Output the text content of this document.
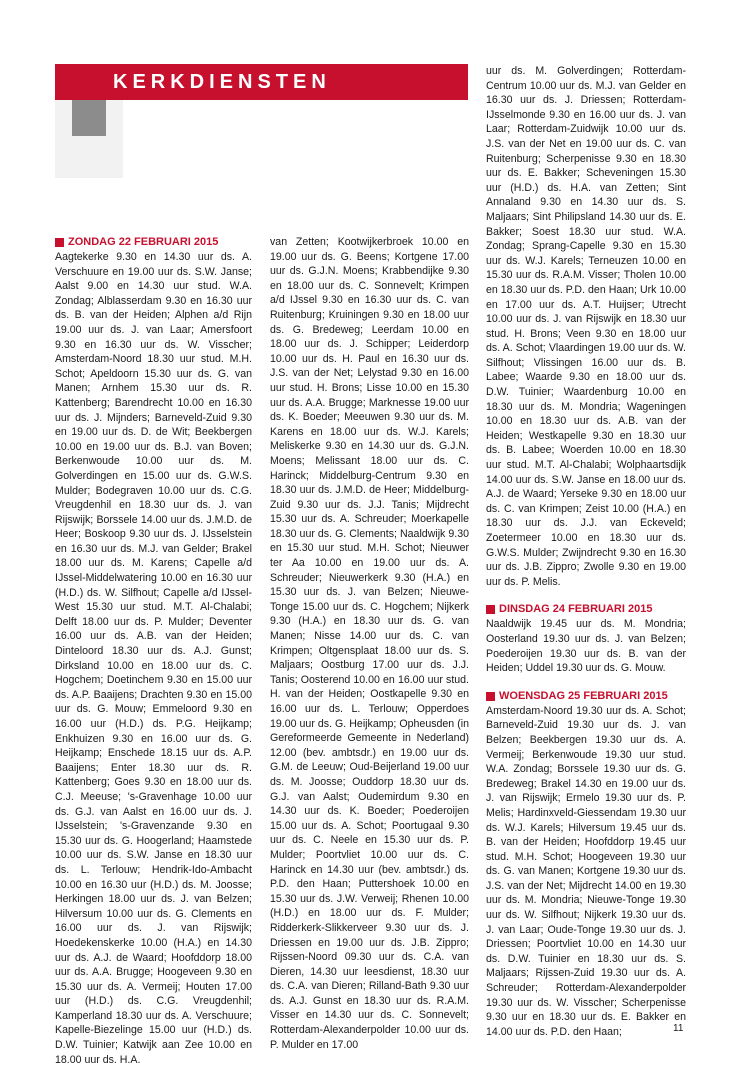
KERKDIENSTEN
ZONDAG 22 FEBRUARI 2015

Aagtekerke 9.30 en 14.30 uur ds. A. Verschuure en 19.00 uur ds. S.W. Janse; Aalst 9.00 en 14.30 uur stud. W.A. Zondag; Alblasserdam 9.30 en 16.30 uur ds. B. van der Heiden; Alphen a/d Rijn 19.00 uur ds. J. van Laar; Amersfoort 9.30 en 16.30 uur ds. W. Visscher; Amsterdam-Noord 18.30 uur stud. M.H. Schot; Apeldoorn 15.30 uur ds. G. van Manen; Arnhem 15.30 uur ds. R. Kattenberg; Barendrecht 10.00 en 16.30 uur ds. J. Mijnders; Barneveld-Zuid 9.30 en 19.00 uur ds. D. de Wit; Beekbergen 10.00 en 19.00 uur ds. B.J. van Boven; Berkenwoude 10.00 uur ds. M. Golverdingen en 15.00 uur ds. G.W.S. Mulder; Bodegraven 10.00 uur ds. C.G. Vreugdenhil en 18.30 uur ds. J. van Rijswijk; Borssele 14.00 uur ds. J.M.D. de Heer; Boskoop 9.30 uur ds. J. IJsselstein en 16.30 uur ds. M.J. van Gelder; Brakel 18.00 uur ds. M. Karens; Capelle a/d IJssel-Middelwatering 10.00 en 16.30 uur (H.D.) ds. W. Silfhout; Capelle a/d IJssel-West 15.30 uur stud. M.T. Al-Chalabi; Delft 18.00 uur ds. P. Mulder; Deventer 16.00 uur ds. A.B. van der Heiden; Dinteloord 18.30 uur ds. A.J. Gunst; Dirksland 10.00 en 18.00 uur ds. C. Hogchem; Doetinchem 9.30 en 15.00 uur ds. A.P. Baaijens; Drachten 9.30 en 15.00 uur ds. G. Mouw; Emmeloord 9.30 en 16.00 uur (H.D.) ds. P.G. Heijkamp; Enkhuizen 9.30 en 16.00 uur ds. G. Heijkamp; Enschede 18.15 uur ds. A.P. Baaijens; Enter 18.30 uur ds. R. Kattenberg; Goes 9.30 en 18.00 uur ds. C.J. Meeuse; 's-Gravenhage 10.00 uur ds. G.J. van Aalst en 16.00 uur ds. J. IJsselstein; 's-Gravenzande 9.30 en 15.30 uur ds. G. Hoogerland; Haamstede 10.00 uur ds. S.W. Janse en 18.30 uur ds. L. Terlouw; Hendrik-Ido-Ambacht 10.00 en 16.30 uur (H.D.) ds. M. Joosse; Herkingen 18.00 uur ds. J. van Belzen; Hilversum 10.00 uur ds. G. Clements en 16.00 uur ds. J. van Rijswijk; Hoedekenskerke 10.00 (H.A.) en 14.30 uur ds. A.J. de Waard; Hoofddorp 18.00 uur ds. A.A. Brugge; Hoogeveen 9.30 en 15.30 uur ds. A. Vermeij; Houten 17.00 uur (H.D.) ds. C.G. Vreugdenhil; Kamperland 18.30 uur ds. A. Verschuure; Kapelle-Biezelinge 15.00 uur (H.D.) ds. D.W. Tuinier; Katwijk aan Zee 10.00 en 18.00 uur ds. H.A.

van Zetten; Kootwijkerbroek 10.00 en 19.00 uur ds. G. Beens; Kortgene 17.00 uur ds. G.J.N. Moens; Krabbendijke 9.30 en 18.00 uur ds. C. Sonnevelt; Krimpen a/d IJssel 9.30 en 16.30 uur ds. C. van Ruitenburg; Kruiningen 9.30 en 18.00 uur ds. G. Bredeweg; Leerdam 10.00 en 18.00 uur ds. J. Schipper; Leiderdorp 10.00 uur ds. H. Paul en 16.30 uur ds. J.S. van der Net; Lelystad 9.30 en 16.00 uur stud. H. Brons; Lisse 10.00 en 15.30 uur ds. A.A. Brugge; Marknesse 19.00 uur ds. K. Boeder; Meeuwen 9.30 uur ds. M. Karens en 18.00 uur ds. W.J. Karels; Meliskerke 9.30 en 14.30 uur ds. G.J.N. Moens; Melissant 18.00 uur ds. C. Harinck; Middelburg-Centrum 9.30 en 18.30 uur ds. J.M.D. de Heer; Middelburg-Zuid 9.30 uur ds. J.J. Tanis; Mijdrecht 15.30 uur ds. A. Schreuder; Moerkapelle 18.30 uur ds. G. Clements; Naaldwijk 9.30 en 15.30 uur stud. M.H. Schot; Nieuwer ter Aa 10.00 en 19.00 uur ds. A. Schreuder; Nieuwerkerk 9.30 (H.A.) en 15.30 uur ds. J. van Belzen; Nieuwe-Tonge 15.00 uur ds. C. Hogchem; Nijkerk 9.30 (H.A.) en 18.30 uur ds. G. van Manen; Nisse 14.00 uur ds. C. van Krimpen; Oltgensplaat 18.00 uur ds. S. Maljaars; Oostburg 17.00 uur ds. J.J. Tanis; Oosterend 10.00 en 16.00 uur stud. H. van der Heiden; Oostkapelle 9.30 en 16.00 uur ds. L. Terlouw; Opperdoes 19.00 uur ds. G. Heijkamp; Opheusden (in Gereformeerde Gemeente in Nederland) 12.00 (bev. ambtsdr.) en 19.00 uur ds. G.M. de Leeuw; Oud-Beijerland 19.00 uur ds. M. Joosse; Ouddorp 18.30 uur ds. G.J. van Aalst; Oudemirdum 9.30 en 14.30 uur ds. K. Boeder; Poederoijen 15.00 uur ds. A. Schot; Poortugaal 9.30 uur ds. C. Neele en 15.30 uur ds. P. Mulder; Poortvliet 10.00 uur ds. C. Harinck en 14.30 uur (bev. ambtsdr.) ds. P.D. den Haan; Puttershoek 10.00 en 15.30 uur ds. J.W. Verweij; Rhenen 10.00 (H.D.) en 18.00 uur ds. F. Mulder; Ridderkerk-Slikkerveer 9.30 uur ds. J. Driessen en 19.00 uur ds. J.B. Zippro; Rijssen-Noord 09.30 uur ds. C.A. van Dieren, 14.30 uur leesdienst, 18.30 uur ds. C.A. van Dieren; Rilland-Bath 9.30 uur ds. A.J. Gunst en 18.30 uur ds. R.A.M. Visser en 14.30 uur ds. C. Sonnevelt; Rotterdam-Alexanderpolder 10.00 uur ds. P. Mulder en 17.00

uur ds. M. Golverdingen; Rotterdam-Centrum 10.00 uur ds. M.J. van Gelder en 16.30 uur ds. J. Driessen; Rotterdam-IJsselmonde 9.30 en 16.00 uur ds. J. van Laar; Rotterdam-Zuidwijk 10.00 uur ds. J.S. van der Net en 19.00 uur ds. C. van Ruitenburg; Scherpenisse 9.30 en 18.30 uur ds. E. Bakker; Scheveningen 15.30 uur (H.D.) ds. H.A. van Zetten; Sint Annaland 9.30 en 14.30 uur ds. S. Maljaars; Sint Philipsland 14.30 uur ds. E. Bakker; Soest 18.30 uur stud. W.A. Zondag; Sprang-Capelle 9.30 en 15.30 uur ds. W.J. Karels; Terneuzen 10.00 en 15.30 uur ds. R.A.M. Visser; Tholen 10.00 en 18.30 uur ds. P.D. den Haan; Urk 10.00 en 17.00 uur ds. A.T. Huijser; Utrecht 10.00 uur ds. J. van Rijswijk en 18.30 uur stud. H. Brons; Veen 9.30 en 18.00 uur ds. A. Schot; Vlaardingen 19.00 uur ds. W. Silfhout; Vlissingen 16.00 uur ds. B. Labee; Waarde 9.30 en 18.00 uur ds. D.W. Tuinier; Waardenburg 10.00 en 18.30 uur ds. M. Mondria; Wageningen 10.00 en 18.30 uur ds. A.B. van der Heiden; Westkapelle 9.30 en 18.30 uur ds. B. Labee; Woerden 10.00 en 18.30 uur stud. M.T. Al-Chalabi; Wolphaartsdijk 14.00 uur ds. S.W. Janse en 18.00 uur ds. A.J. de Waard; Yerseke 9.30 en 18.00 uur ds. C. van Krimpen; Zeist 10.00 (H.A.) en 18.30 uur ds. J.J. van Eckeveld; Zoetermeer 10.00 en 18.30 uur ds. G.W.S. Mulder; Zwijndrecht 9.30 en 16.30 uur ds. J.B. Zippro; Zwolle 9.30 en 19.00 uur ds. P. Melis.

DINSDAG 24 FEBRUARI 2015

Naaldwijk 19.45 uur ds. M. Mondria; Oosterland 19.30 uur ds. J. van Belzen; Poederoijen 19.30 uur ds. B. van der Heiden; Uddel 19.30 uur ds. G. Mouw.

WOENSDAG 25 FEBRUARI 2015

Amsterdam-Noord 19.30 uur ds. A. Schot; Barneveld-Zuid 19.30 uur ds. J. van Belzen; Beekbergen 19.30 uur ds. A. Vermeij; Berkenwoude 19.30 uur stud. W.A. Zondag; Borssele 19.30 uur ds. G. Bredeweg; Brakel 14.30 en 19.00 uur ds. J. van Rijswijk; Ermelo 19.30 uur ds. P. Melis; Hardinxveld-Giessendam 19.30 uur ds. W.J. Karels; Hilversum 19.45 uur ds. B. van der Heiden; Hoofddorp 19.45 uur stud. M.H. Schot; Hoogeveen 19.30 uur ds. G. van Manen; Kortgene 19.30 uur ds. J.S. van der Net; Mijdrecht 14.00 en 19.30 uur ds. M. Mondria; Nieuwe-Tonge 19.30 uur ds. W. Silfhout; Nijkerk 19.30 uur ds. J. van Laar; Oude-Tonge 19.30 uur ds. J. Driessen; Poortvliet 10.00 en 14.30 uur ds. D.W. Tuinier en 18.30 uur ds. S. Maljaars; Rijssen-Zuid 19.30 uur ds. A. Schreuder; Rotterdam-Alexanderpolder 19.30 uur ds. W. Visscher; Scherpenisse 9.30 uur en 18.30 uur ds. E. Bakker en 14.00 uur ds. P.D. den Haan;	11
